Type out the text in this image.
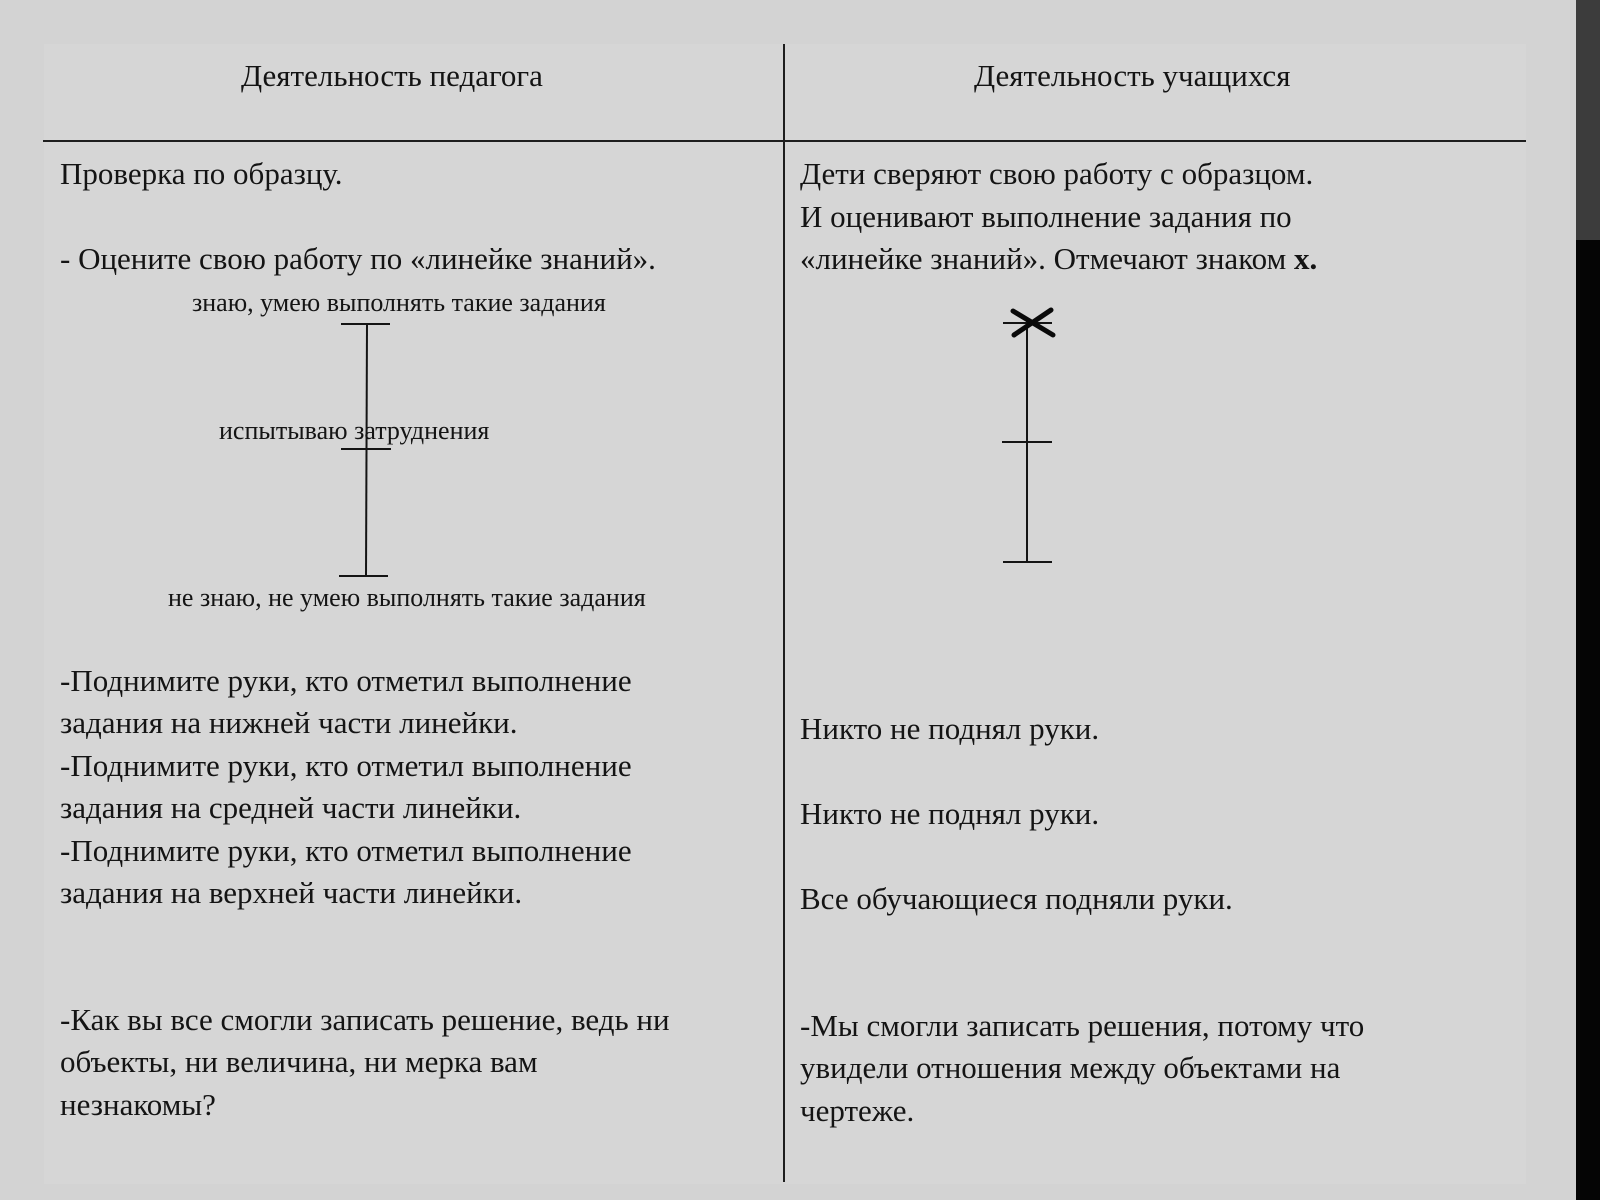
Деятельность педагога	Деятельность учащихся
Проверка по образцу.
- Оцените свою работу по «линейке знаний».
знаю, умею выполнять такие задания
испытываю затруднения
не знаю, не умею выполнять такие задания
-Поднимите руки, кто отметил выполнение
задания на нижней части линейки.
-Поднимите руки, кто отметил выполнение
задания на средней части линейки.
-Поднимите руки, кто отметил выполнение
задания на верхней части линейки.
-Как вы все смогли записать решение, ведь ни
объекты, ни величина, ни мерка вам
незнакомы?
Дети сверяют свою работу с образцом.
И оценивают выполнение задания по
«линейке знаний». Отмечают знаком х.
Никто не поднял руки.
Никто не поднял руки.
Все обучающиеся подняли руки.
-Мы смогли записать решения, потому что
увидели отношения между объектами на
чертеже.
